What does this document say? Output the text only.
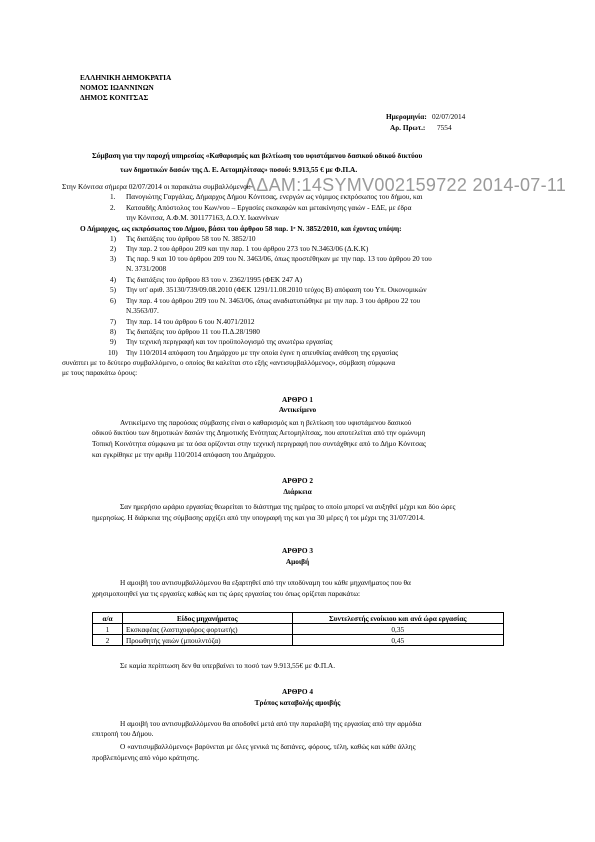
ΕΛΛΗΝΙΚΗ ΔΗΜΟΚΡΑΤΙΑ
ΝΟΜΟΣ ΙΩΑΝΝΙΝΩΝ
ΔΗΜΟΣ ΚΟΝΙΤΣΑΣ
Ημερομηνία: 02/07/2014
Αρ. Πρωτ.: 7554
Σύμβαση για την παροχή υπηρεσίας «Καθαρισμός και βελτίωση του υφιστάμενου δασικού οδικού δικτύου
των δημοτικών δασών της Δ. Ε. Αετομηλίτσας» ποσού: 9.913,55 € με Φ.Π.Α.
ΑΔΑΜ:14SYMV002159722 2014-07-11
Στην Κόνιτσα σήμερα 02/07/2014 οι παρακάτω συμβαλλόμενοι:
1. Πανογιώτης Γαργάλας, Δήμαρχος Δήμου Κόνιτσας, ενεργών ως νόμιμος εκπρόσωπος του δήμου, και
2. Κατσαδής Απόστολος του Κων/νου – Εργασίες εκσκαφών και μετακίνησης γαιών - ΕΔΕ, με έδρα
την Κόνιτσα, Α.Φ.Μ. 301177163, Δ.Ο.Υ. Ιωαννίνων
Ο Δήμαρχος, ως εκπρόσωπος του Δήμου, βάσει του άρθρου 58 παρ. 1ᵉ Ν. 3852/2010, και έχοντας υπόψη:
1) Τις διατάξεις του άρθρου 58 του Ν. 3852/10
2) Την παρ. 2 του άρθρου 209 και την παρ. 1 του άρθρου 273 του Ν.3463/06 (Δ.Κ.Κ)
3) Τις παρ. 9 και 10 του άρθρου 209 του Ν. 3463/06, όπως προστέθηκαν με την παρ. 13 του άρθρου 20 του
Ν. 3731/2008
4) Τις διατάξεις του άρθρου 83 του ν. 2362/1995 (ΦΕΚ 247 Α)
5) Την υπ' αριθ. 35130/739/09.08.2010 (ΦΕΚ 1291/11.08.2010 τεύχος Β) απόφαση του Υπ. Οικονομικών
6) Την παρ. 4 του άρθρου 209 του Ν. 3463/06, όπως αναδιατυπώθηκε με την παρ. 3 του άρθρου 22 του
Ν.3563/07.
7) Την παρ. 14 του άρθρου 6 του Ν.4071/2012
8) Τις διατάξεις του άρθρου 11 του Π.Δ.28/1980
9) Την τεχνική περιγραφή και τον προϋπολογισμό της ανωτέρω εργασίας
10) Την 110/2014 απόφαση του Δημάρχου με την οποία έγινε η απευθείας ανάθεση της εργασίας
συνάπτει με το δεύτερο συμβαλλόμενο, ο οποίος θα καλείται στο εξής «αντισυμβαλλόμενος», σύμβαση σύμφωνα
με τους παρακάτω όρους:
ΑΡΘΡΟ 1
Αντικείμενο
Αντικείμενο της παρούσας σύμβασης είναι ο καθαρισμός και η βελτίωση του υφιστάμενου δασικού
οδικού δικτύου των δημοτικών δασών της Δημοτικής Ενότητας Αετομηλίτσας, που αποτελείται από την ομώνυμη
Τοπική Κοινότητα σύμφωνα με τα όσα ορίζονται στην τεχνική περιγραφή που συντάχθηκε από το Δήμο Κόνιτσας
και εγκρίθηκε με την αριθμ 110/2014 απόφαση του Δημάρχου.
ΑΡΘΡΟ 2
Διάρκεια
Σαν ημερήσιο ωράριο εργασίας θεωρείται το διάστημα της ημέρας το οποίο μπορεί να αυξηθεί μέχρι και δύο ώρες
ημερησίως. Η διάρκεια της σύμβασης αρχίζει από την υπογραφή της και για 30 μέρες ή τοι μέχρι της 31/07/2014.
ΑΡΘΡΟ 3
Αμοιβή
Η αμοιβή του αντισυμβαλλόμενου θα εξαρτηθεί από την υποδύναμη του κάθε μηχανήματος που θα
χρησιμοποιηθεί για τις εργασίες καθώς και τις ώρες εργασίας του όπως ορίζεται παρακάτω:
α/α	Είδος μηχανήματος	Συντελεστής ενοίκιου και ανά ώρα εργασίας
1	Εκσκαφέας (λαστιχοφόρος φορτωτής)	0,35
2	Προωθητής γαιών (μπουλντόζα)	0,45
Σε καμία περίπτωση δεν θα υπερβαίνει το ποσό των 9.913,55€ με Φ.Π.Α.
ΑΡΘΡΟ 4
Τρόπος καταβολής αμοιβής
Η αμοιβή του αντισυμβαλλόμενου θα αποδοθεί μετά από την παραλαβή της εργασίας από την αρμόδια
επιτροπή του Δήμου.
Ο «αντισυμβαλλόμενος» βαρύνεται με όλες γενικά τις δαπάνες, φόρους, τέλη, καθώς και κάθε άλλης
προβλεπόμενης από νόμο κράτησης.
